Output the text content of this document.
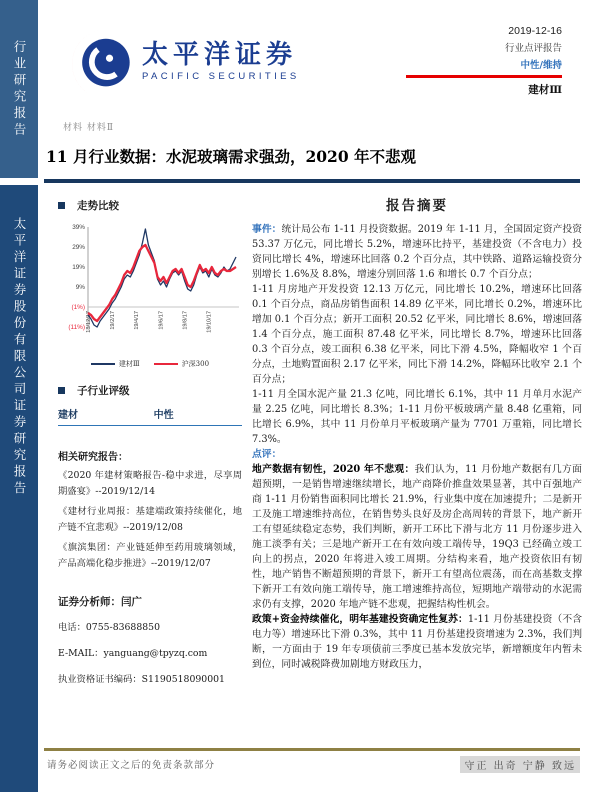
行业研究报告
太平洋证券股份有限公司证券研究报告
太平洋证券
PACIFIC SECURITIES
2019-12-16
行业点评报告
中性/维持
建材Ⅲ
材料 材料Ⅱ
11 月行业数据：水泥玻璃需求强劲，2020 年不悲观
走势比较
39%
29%
19%
9%
(1%)
(11%) 18/12/17	19/2/17	19/4/17	19/6/17	19/8/17	19/10/17
建材Ⅲ	沪深300
子行业评级
建材	中性
相关研究报告：

《2020 年建材策略报告-稳中求进，尽享周期盛宴》--2019/12/14

《建材行业周报：基建端政策持续催化，地产链不宜悲观》--2019/12/08

《旗滨集团：产业链延伸至药用玻璃领域，产品高端化稳步推进》--2019/12/07

证券分析师：闫广

电话：0755-83688850

E-MAIL：yanguang@tpyzq.com

执业资格证书编码：S1190518090001

报告摘要

事件：统计局公布 1-11 月投资数据。2019 年 1-11 月，全国固定资产投资 53.37 万亿元，同比增长 5.2%，增速环比持平，基建投资（不含电力）投资同比增长 4%，增速环比回落 0.2 个百分点，其中铁路、道路运输投资分别增长 1.6%及 8.8%，增速分别回落 1.6 和增长 0.7 个百分点；

1-11 月房地产开发投资 12.13 万亿元，同比增长 10.2%，增速环比回落 0.1 个百分点，商品房销售面积 14.89 亿平米，同比增长 0.2%，增速环比增加 0.1 个百分点；新开工面积 20.52 亿平米，同比增长 8.6%，增速回落 1.4 个百分点，施工面积 87.48 亿平米，同比增长 8.7%，增速环比回落 0.3 个百分点，竣工面积 6.38 亿平米，同比下滑 4.5%，降幅收窄 1 个百分点，土地购置面积 2.17 亿平米，同比下滑 14.2%，降幅环比收窄 2.1 个百分点；

1-11 月全国水泥产量 21.3 亿吨，同比增长 6.1%，其中 11 月单月水泥产量 2.25 亿吨，同比增长 8.3%；1-11 月份平板玻璃产量 8.48 亿重箱，同比增长 6.9%，其中 11 月份单月平板玻璃产量为 7701 万重箱，同比增长 7.3%。

点评：

地产数据有韧性，2020 年不悲观：我们认为，11 月份地产数据有几方面超预期，一是销售增速继续增长，地产商降价推盘效果显著，其中百强地产商 1-11 月份销售面积同比增长 21.9%，行业集中度在加速提升；二是新开工及施工增速维持高位，在销售势头良好及房企高周转的背景下，地产新开工有望延续稳定态势，我们判断，新开工环比下滑与北方 11 月份逐步进入施工淡季有关；三是地产新开工在有效向竣工端传导，19Q3 已经确立竣工向上的拐点，2020 年将进入竣工周期。分结构来看，地产投资依旧有韧性，地产销售不断超预期的背景下，新开工有望高位震荡，而在高基数支撑下新开工有效向施工端传导，施工增速维持高位，短期地产端带动的水泥需求仍有支撑，2020 年地产链不悲观，把握结构性机会。

政策+资金持续催化，明年基建投资确定性复苏：1-11 月份基建投资（不含电力等）增速环比下滑 0.3%，其中 11 月份基建投资增速为 2.3%，我们判断，一方面由于 19 年专项债前三季度已基本发放完毕，新增额度年内暂未到位，同时减税降费加剧地方财政压力，

请务必阅读正文之后的免责条款部分	守正 出奇 宁静 致远
